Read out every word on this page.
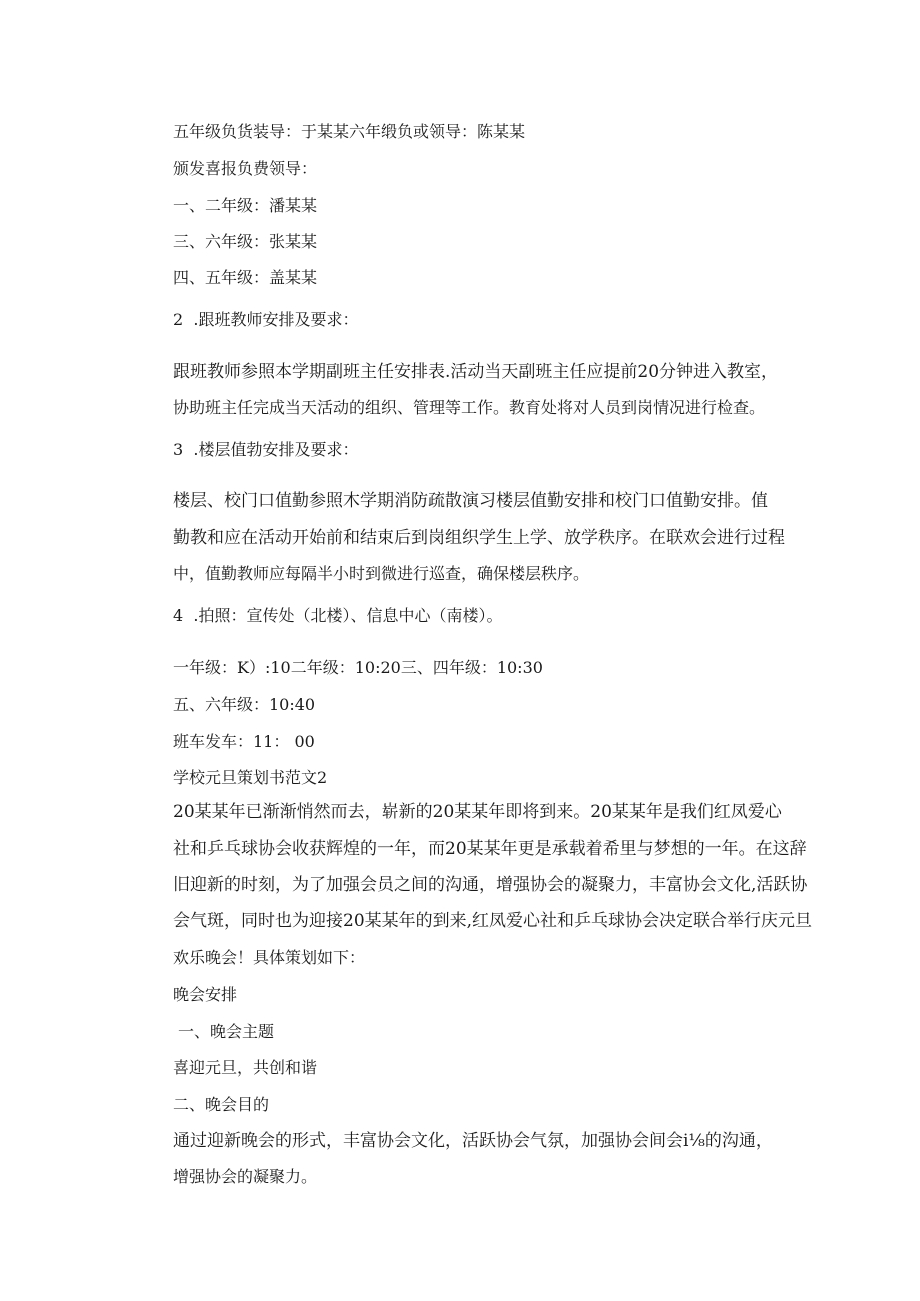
五年级负货装导：于某某六年缎负或领导：陈某某

颁发喜报负费领导：

一、二年级：潘某某

三、六年级：张某某

四、五年级：盖某某

2  .跟班教师安排及要求：

跟班教师参照本学期副班主任安排表.活动当天副班主任应提前20分钟进入教室，

协助班主任完成当天活动的组织、管理等工作。教育处将对人员到岗情况进行检查。

3  .楼层值勃安排及要求：

楼层、校门口值勤参照木学期消防疏散演习楼层值勤安排和校门口值勤安排。值

勤教和应在活动开始前和结束后到岗组织学生上学、放学秩序。在联欢会进行过程

中，值勤教师应每隔半小时到微进行巡查，确保楼层秩序。

4  .拍照：宣传处（北楼）、信息中心（南楼）。

一年级：K）:10二年级：10:20三、四年级：10:30

五、六年级：10:40

班车发车：11： 00

学校元旦策划书范文2

20某某年已渐渐悄然而去，崭新的20某某年即将到来。20某某年是我们红凤爱心

社和乒乓球协会收获辉煌的一年，而20某某年更是承载着希里与梦想的一年。在这辞

旧迎新的时刻，为了加强会员之间的沟通，增强协会的凝聚力，丰富协会文化,活跃协

会气斑，同时也为迎接20某某年的到来,红凤爱心社和乒乓球协会决定联合举行庆元旦

欢乐晚会！具体策划如下：

晚会安排

一、晚会主题

喜迎元旦，共创和谐

二、晚会目的

通过迎新晚会的形式，丰富协会文化，活跃协会气氛，加强协会间会i⅛的沟通，

增强协会的凝聚力。
